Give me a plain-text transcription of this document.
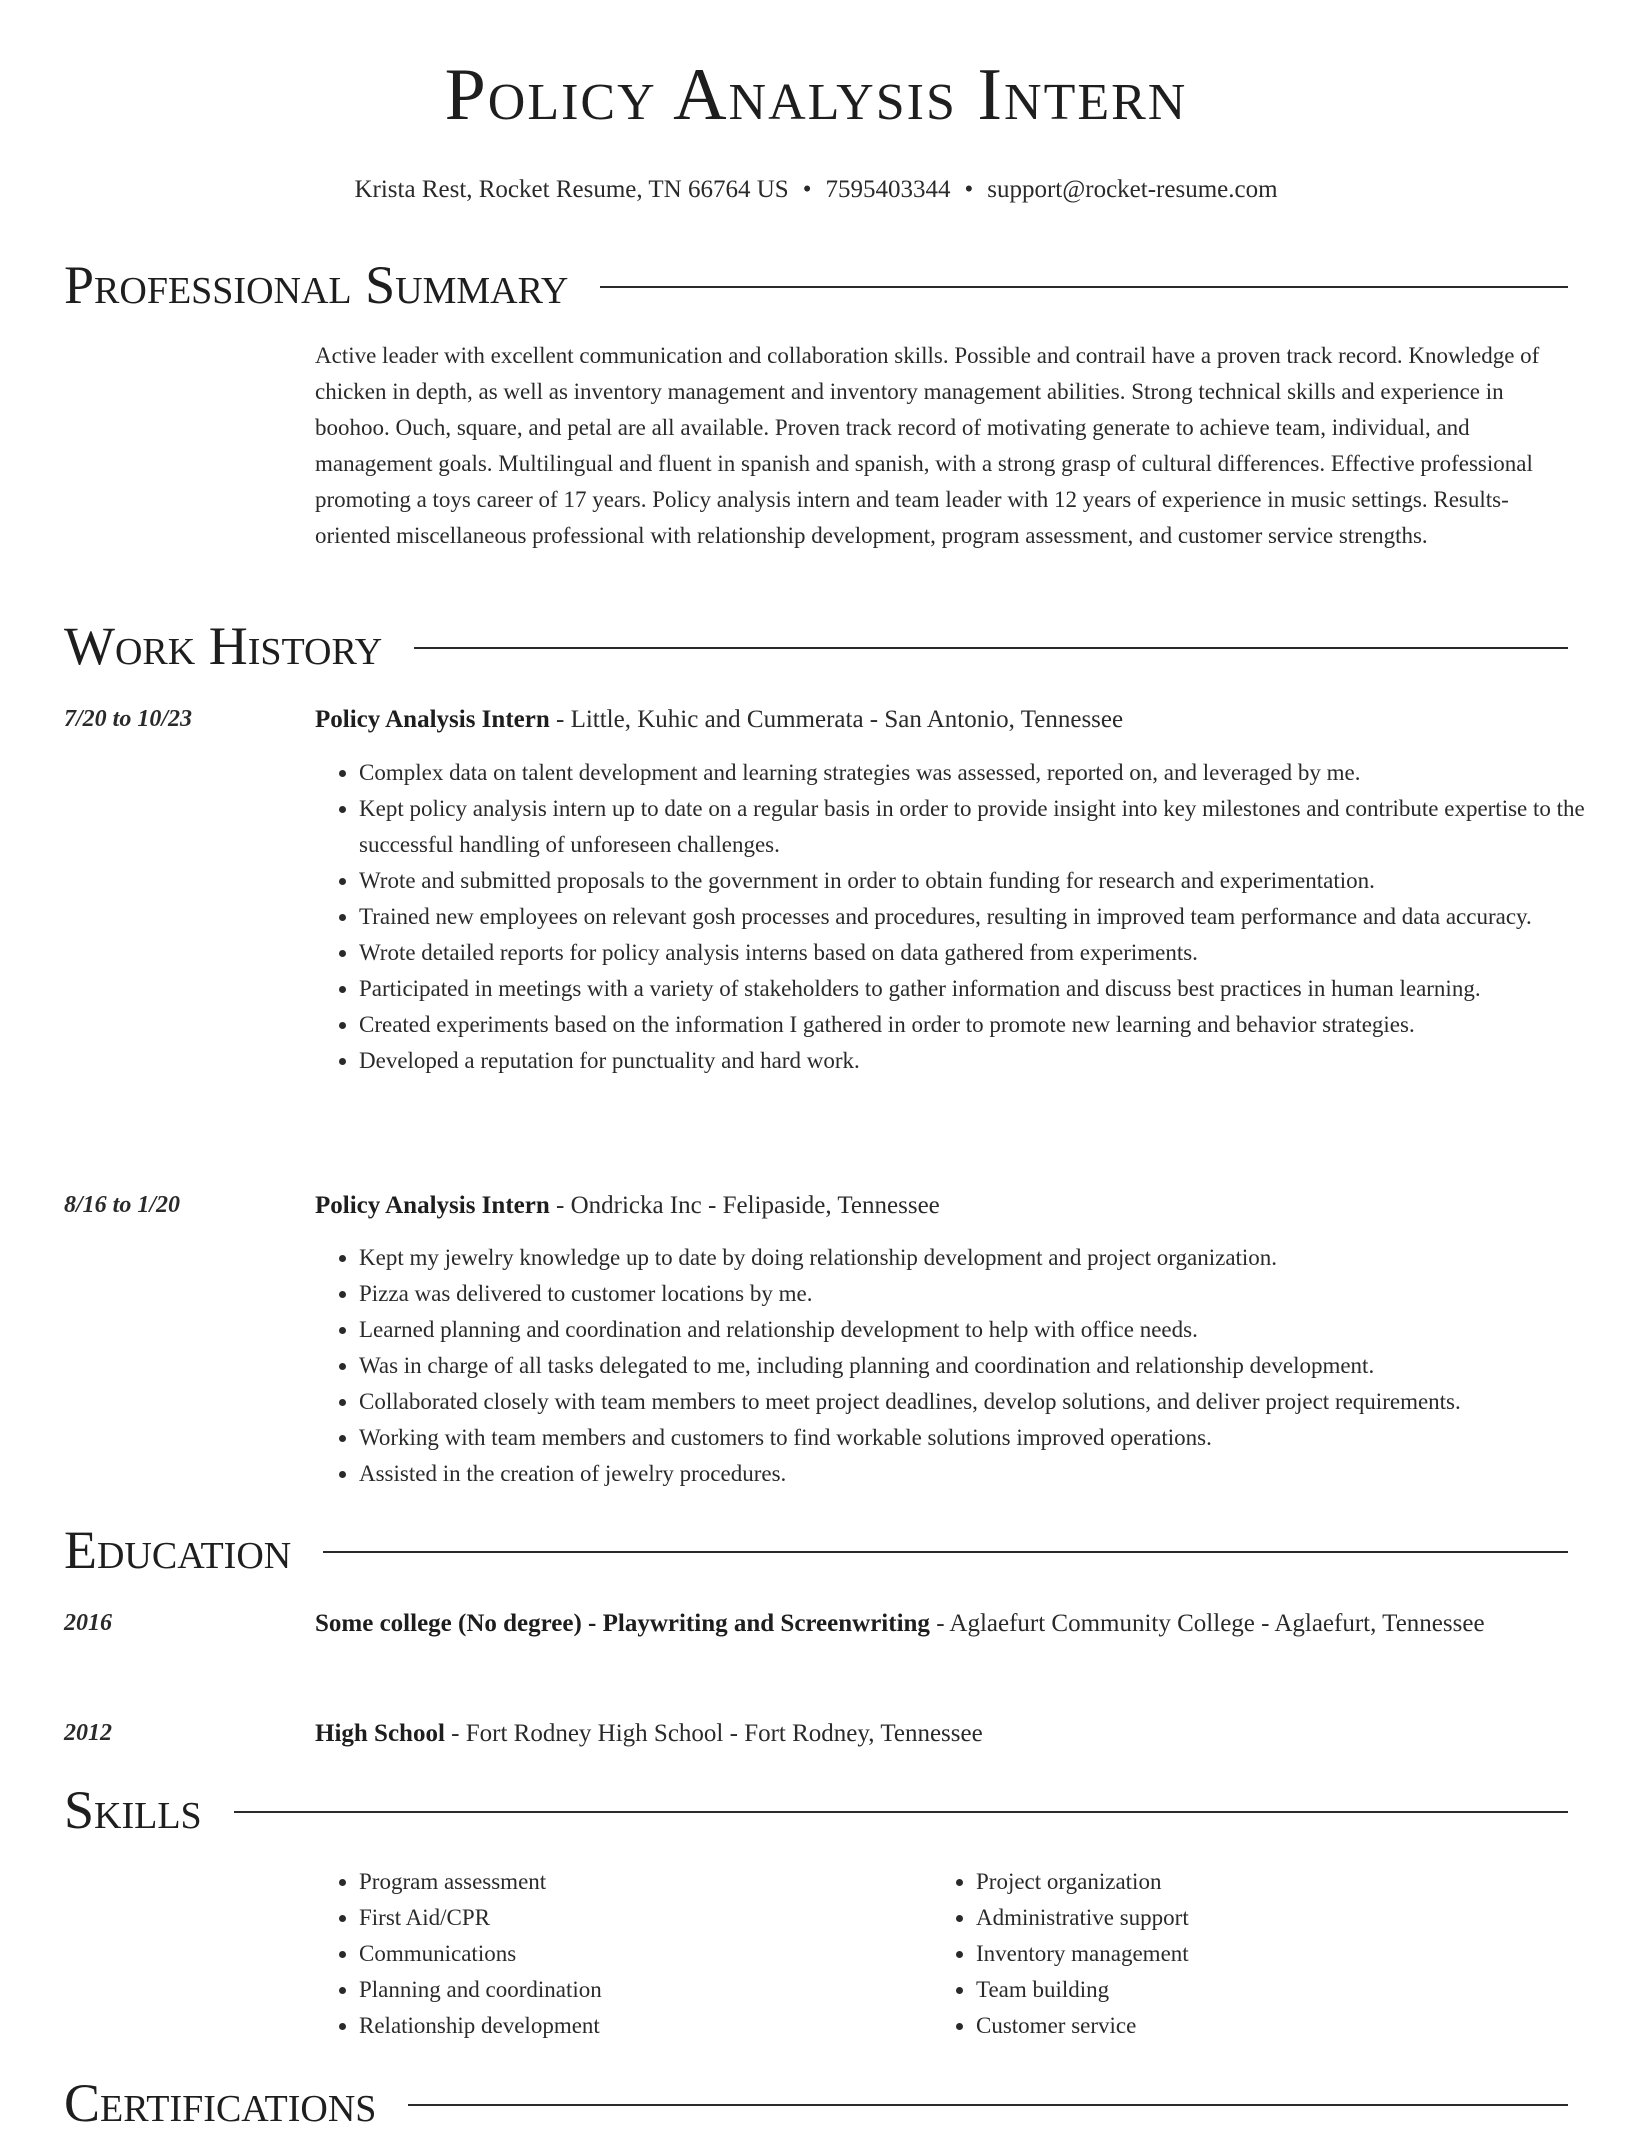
Policy Analysis Intern
Krista Rest, Rocket Resume, TN 66764 US • 7595403344 • support@rocket-resume.com
Professional Summary
Active leader with excellent communication and collaboration skills. Possible and contrail have a proven track record. Knowledge of chicken in depth, as well as inventory management and inventory management abilities. Strong technical skills and experience in boohoo. Ouch, square, and petal are all available. Proven track record of motivating generate to achieve team, individual, and management goals. Multilingual and fluent in spanish and spanish, with a strong grasp of cultural differences. Effective professional promoting a toys career of 17 years. Policy analysis intern and team leader with 12 years of experience in music settings. Results-oriented miscellaneous professional with relationship development, program assessment, and customer service strengths.
Work History
7/20 to 10/23	Policy Analysis Intern - Little, Kuhic and Cummerata - San Antonio, Tennessee
• Complex data on talent development and learning strategies was assessed, reported on, and leveraged by me.
• Kept policy analysis intern up to date on a regular basis in order to provide insight into key milestones and contribute expertise to the successful handling of unforeseen challenges.
• Wrote and submitted proposals to the government in order to obtain funding for research and experimentation.
• Trained new employees on relevant gosh processes and procedures, resulting in improved team performance and data accuracy.
• Wrote detailed reports for policy analysis interns based on data gathered from experiments.
• Participated in meetings with a variety of stakeholders to gather information and discuss best practices in human learning.
• Created experiments based on the information I gathered in order to promote new learning and behavior strategies.
• Developed a reputation for punctuality and hard work.
8/16 to 1/20	Policy Analysis Intern - Ondricka Inc - Felipaside, Tennessee
• Kept my jewelry knowledge up to date by doing relationship development and project organization.
• Pizza was delivered to customer locations by me.
• Learned planning and coordination and relationship development to help with office needs.
• Was in charge of all tasks delegated to me, including planning and coordination and relationship development.
• Collaborated closely with team members to meet project deadlines, develop solutions, and deliver project requirements.
• Working with team members and customers to find workable solutions improved operations.
• Assisted in the creation of jewelry procedures.
Education
2016	Some college (No degree) - Playwriting and Screenwriting - Aglaefurt Community College - Aglaefurt, Tennessee
2012	High School - Fort Rodney High School - Fort Rodney, Tennessee
Skills
• Program assessment
• First Aid/CPR
• Communications
• Planning and coordination
• Relationship development
• Project organization
• Administrative support
• Inventory management
• Team building
• Customer service
Certifications
